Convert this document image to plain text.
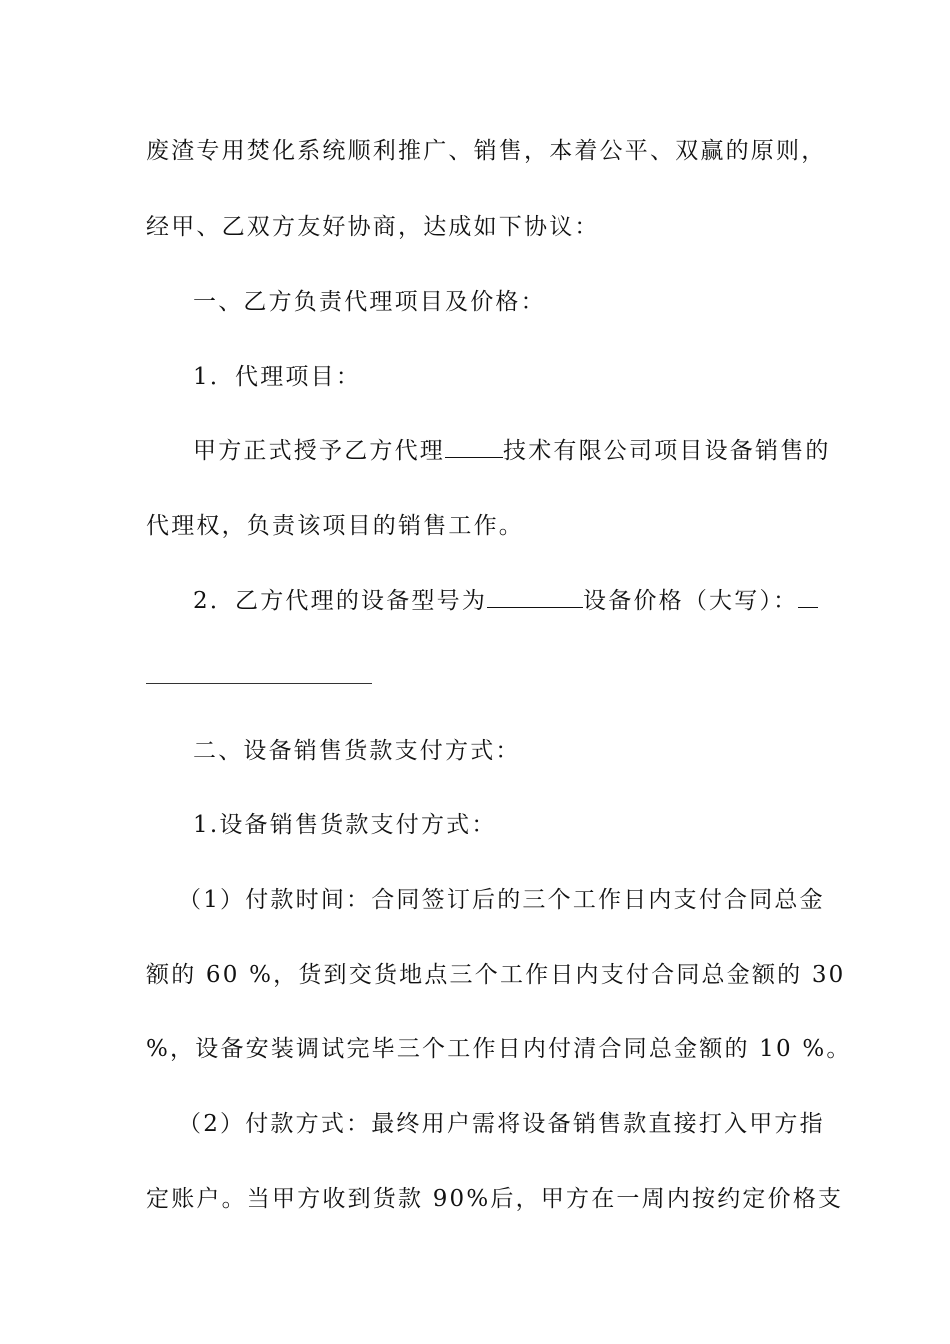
废渣专用焚化系统顺利推广、销售，本着公平、双赢的原则，
经甲、乙双方友好协商，达成如下协议：
一、乙方负责代理项目及价格：
1．代理项目：
甲方正式授予乙方代理	技术有限公司项目设备销售的
代理权，负责该项目的销售工作。
2．乙方代理的设备型号为	设备价格（大写）：
二、设备销售货款支付方式：
1.设备销售货款支付方式：
（1）付款时间：合同签订后的三个工作日内支付合同总金
额的 60 %，货到交货地点三个工作日内支付合同总金额的 30
%，设备安装调试完毕三个工作日内付清合同总金额的 10 %。
（2）付款方式：最终用户需将设备销售款直接打入甲方指
定账户。当甲方收到货款 90%后，甲方在一周内按约定价格支
